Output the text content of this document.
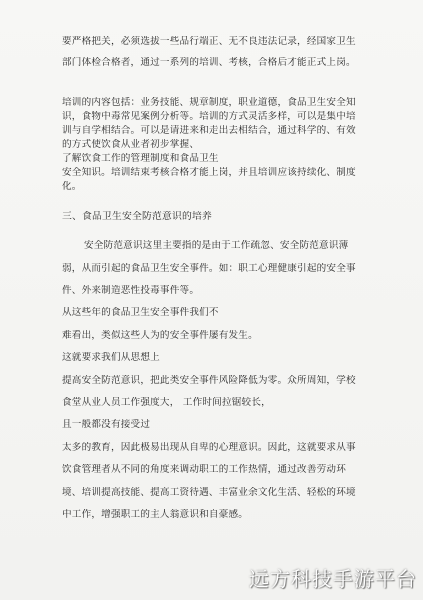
要严格把关，必须选拔一些品行端正、无不良违法记录，经国家卫生
部门体检合格者，通过一系列的培训、考核，合格后才能正式上岗。
培训的内容包括：业务技能、规章制度，职业道德，食品卫生安全知
识，食物中毒常见案例分析等。培训的方式灵活多样，可以是集中培
训与自学相结合。可以是请进来和走出去相结合，通过科学的、有效
的方式使饮食从业者初步掌握、
了解饮食工作的管理制度和食品卫生
安全知识。培训结束考核合格才能上岗，并且培训应该持续化、制度
化。
三、食品卫生安全防范意识的培养
安全防范意识这里主要指的是由于工作疏忽、安全防范意识薄
弱，从而引起的食品卫生安全事件。如：职工心理健康引起的安全事
件、外来制造恶性投毒事件等。
从这些年的食品卫生安全事件我们不
难看出，类似这些人为的安全事件屡有发生。
这就要求我们从思想上
提高安全防范意识，把此类安全事件风险降低为零。众所周知，学校
食堂从业人员工作强度大， 工作时间拉锯较长，
且一般都没有接受过
太多的教育，因此极易出现从自卑的心理意识。因此，这就要求从事
饮食管理者从不同的角度来调动职工的工作热情，通过改善劳动环
境、培训提高技能、提高工资待遇、丰富业余文化生活、轻松的环境
中工作，增强职工的主人翁意识和自豪感。
远方科技手游平台
